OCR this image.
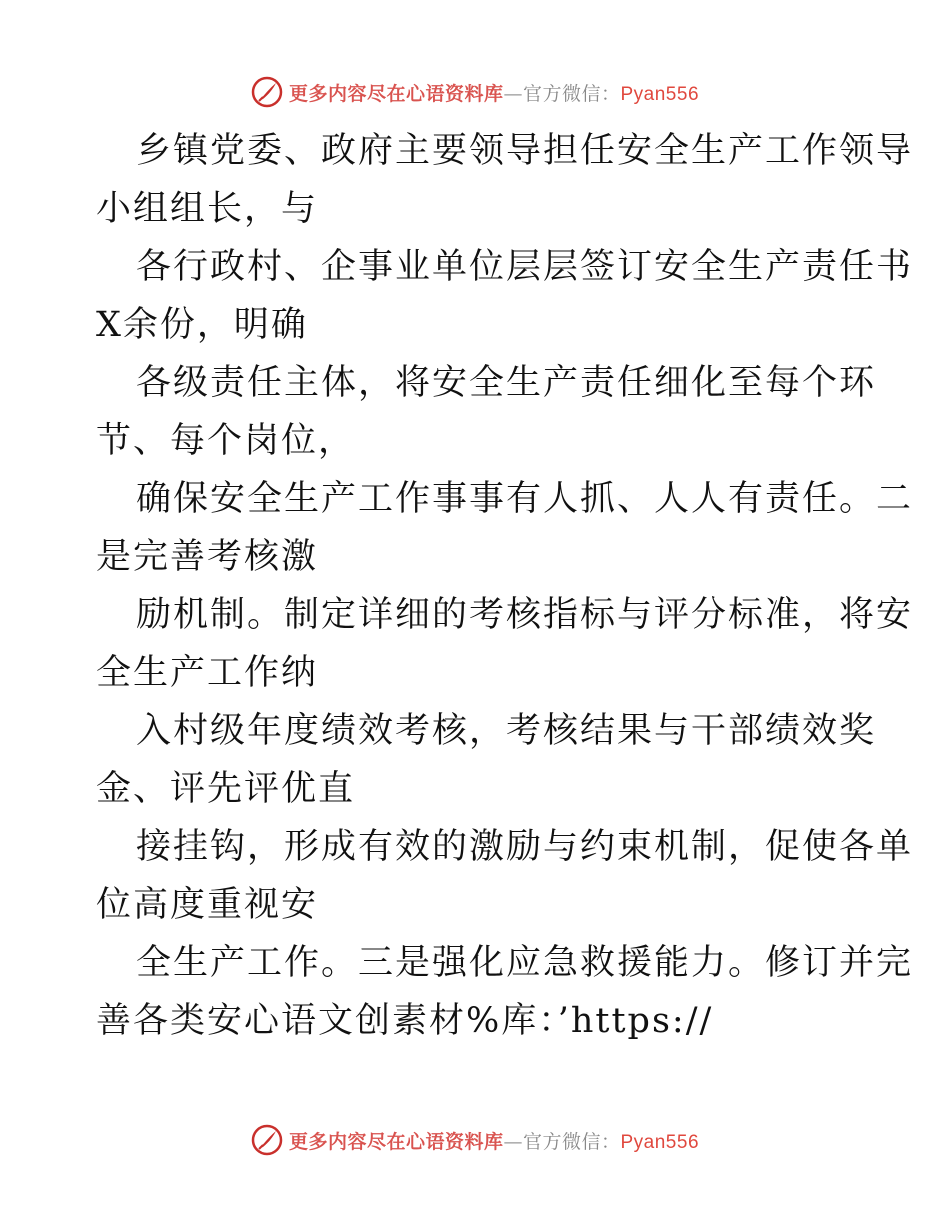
更多内容尽在心语资料库—官方微信：Pyan556
乡镇党委、政府主要领导担任安全生产工作领导
小组组长，与
各行政村、企事业单位层层签订安全生产责任书
X余份，明确
各级责任主体，将安全生产责任细化至每个环
节、每个岗位，
确保安全生产工作事事有人抓、人人有责任。二
是完善考核激
励机制。制定详细的考核指标与评分标准，将安
全生产工作纳
入村级年度绩效考核，考核结果与干部绩效奖
金、评先评优直
接挂钩，形成有效的激励与约束机制，促使各单
位高度重视安
全生产工作。三是强化应急救援能力。修订并完
善各类安心语文创素材%库：’https://
更多内容尽在心语资料库—官方微信：Pyan556
